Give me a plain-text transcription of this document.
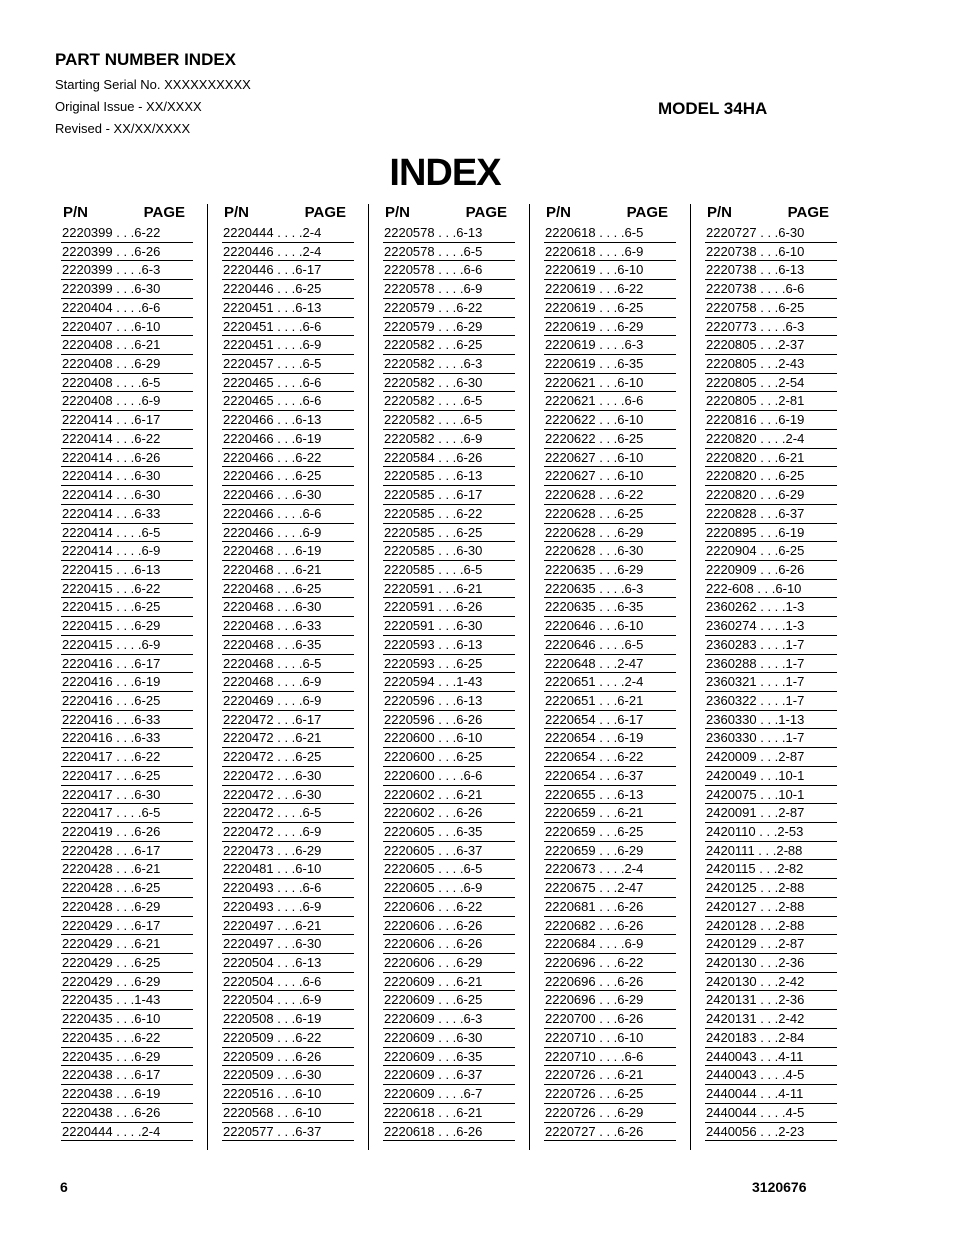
PART NUMBER INDEX
Starting Serial No. XXXXXXXXXX
Original Issue - XX/XXXX
Revised - XX/XX/XXXX
MODEL 34HA
INDEX
P/N	PAGE
2220399 . . .6-22
2220399 . . .6-26
2220399 . . . .6-3
2220399 . . .6-30
2220404 . . . .6-6
2220407 . . .6-10
2220408 . . .6-21
2220408 . . .6-29
2220408 . . . .6-5
2220408 . . . .6-9
2220414 . . .6-17
2220414 . . .6-22
2220414 . . .6-26
2220414 . . .6-30
2220414 . . .6-30
2220414 . . .6-33
2220414 . . . .6-5
2220414 . . . .6-9
2220415 . . .6-13
2220415 . . .6-22
2220415 . . .6-25
2220415 . . .6-29
2220415 . . . .6-9
2220416 . . .6-17
2220416 . . .6-19
2220416 . . .6-25
2220416 . . .6-33
2220416 . . .6-33
2220417 . . .6-22
2220417 . . .6-25
2220417 . . .6-30
2220417 . . . .6-5
2220419 . . .6-26
2220428 . . .6-17
2220428 . . .6-21
2220428 . . .6-25
2220428 . . .6-29
2220429 . . .6-17
2220429 . . .6-21
2220429 . . .6-25
2220429 . . .6-29
2220435 . . .1-43
2220435 . . .6-10
2220435 . . .6-22
2220435 . . .6-29
2220438 . . .6-17
2220438 . . .6-19
2220438 . . .6-26
2220444 . . . .2-4
P/N	PAGE
2220444 . . . .2-4
2220446 . . . .2-4
2220446 . . .6-17
2220446 . . .6-25
2220451 . . .6-13
2220451 . . . .6-6
2220451 . . . .6-9
2220457 . . . .6-5
2220465 . . . .6-6
2220465 . . . .6-6
2220466 . . .6-13
2220466 . . .6-19
2220466 . . .6-22
2220466 . . .6-25
2220466 . . .6-30
2220466 . . . .6-6
2220466 . . . .6-9
2220468 . . .6-19
2220468 . . .6-21
2220468 . . .6-25
2220468 . . .6-30
2220468 . . .6-33
2220468 . . .6-35
2220468 . . . .6-5
2220468 . . . .6-9
2220469 . . . .6-9
2220472 . . .6-17
2220472 . . .6-21
2220472 . . .6-25
2220472 . . .6-30
2220472 . . .6-30
2220472 . . . .6-5
2220472 . . . .6-9
2220473 . . .6-29
2220481 . . .6-10
2220493 . . . .6-6
2220493 . . . .6-9
2220497 . . .6-21
2220497 . . .6-30
2220504 . . .6-13
2220504 . . . .6-6
2220504 . . . .6-9
2220508 . . .6-19
2220509 . . .6-22
2220509 . . .6-26
2220509 . . .6-30
2220516 . . .6-10
2220568 . . .6-10
2220577 . . .6-37
P/N	PAGE
2220578 . . .6-13
2220578 . . . .6-5
2220578 . . . .6-6
2220578 . . . .6-9
2220579 . . .6-22
2220579 . . .6-29
2220582 . . .6-25
2220582 . . . .6-3
2220582 . . .6-30
2220582 . . . .6-5
2220582 . . . .6-5
2220582 . . . .6-9
2220584 . . .6-26
2220585 . . .6-13
2220585 . . .6-17
2220585 . . .6-22
2220585 . . .6-25
2220585 . . .6-30
2220585 . . . .6-5
2220591 . . .6-21
2220591 . . .6-26
2220591 . . .6-30
2220593 . . .6-13
2220593 . . .6-25
2220594 . . .1-43
2220596 . . .6-13
2220596 . . .6-26
2220600 . . .6-10
2220600 . . .6-25
2220600 . . . .6-6
2220602 . . .6-21
2220602 . . .6-26
2220605 . . .6-35
2220605 . . .6-37
2220605 . . . .6-5
2220605 . . . .6-9
2220606 . . .6-22
2220606 . . .6-26
2220606 . . .6-26
2220606 . . .6-29
2220609 . . .6-21
2220609 . . .6-25
2220609 . . . .6-3
2220609 . . .6-30
2220609 . . .6-35
2220609 . . .6-37
2220609 . . . .6-7
2220618 . . .6-21
2220618 . . .6-26
P/N	PAGE
2220618 . . . .6-5
2220618 . . . .6-9
2220619 . . .6-10
2220619 . . .6-22
2220619 . . .6-25
2220619 . . .6-29
2220619 . . . .6-3
2220619 . . .6-35
2220621 . . .6-10
2220621 . . . .6-6
2220622 . . .6-10
2220622 . . .6-25
2220627 . . .6-10
2220627 . . .6-10
2220628 . . .6-22
2220628 . . .6-25
2220628 . . .6-29
2220628 . . .6-30
2220635 . . .6-29
2220635 . . . .6-3
2220635 . . .6-35
2220646 . . .6-10
2220646 . . . .6-5
2220648 . . .2-47
2220651 . . . .2-4
2220651 . . .6-21
2220654 . . .6-17
2220654 . . .6-19
2220654 . . .6-22
2220654 . . .6-37
2220655 . . .6-13
2220659 . . .6-21
2220659 . . .6-25
2220659 . . .6-29
2220673 . . . .2-4
2220675 . . .2-47
2220681 . . .6-26
2220682 . . .6-26
2220684 . . . .6-9
2220696 . . .6-22
2220696 . . .6-26
2220696 . . .6-29
2220700 . . .6-26
2220710 . . .6-10
2220710 . . . .6-6
2220726 . . .6-21
2220726 . . .6-25
2220726 . . .6-29
2220727 . . .6-26
P/N	PAGE
2220727 . . .6-30
2220738 . . .6-10
2220738 . . .6-13
2220738 . . . .6-6
2220758 . . .6-25
2220773 . . . .6-3
2220805 . . .2-37
2220805 . . .2-43
2220805 . . .2-54
2220805 . . .2-81
2220816 . . .6-19
2220820 . . . .2-4
2220820 . . .6-21
2220820 . . .6-25
2220820 . . .6-29
2220828 . . .6-37
2220895 . . .6-19
2220904 . . .6-25
2220909 . . .6-26
222-608 . . .6-10
2360262 . . . .1-3
2360274 . . . .1-3
2360283 . . . .1-7
2360288 . . . .1-7
2360321 . . . .1-7
2360322 . . . .1-7
2360330 . . .1-13
2360330 . . . .1-7
2420009 . . .2-87
2420049 . . .10-1
2420075 . . .10-1
2420091 . . .2-87
2420110 . . .2-53
2420111 . . .2-88
2420115 . . .2-82
2420125 . . .2-88
2420127 . . .2-88
2420128 . . .2-88
2420129 . . .2-87
2420130 . . .2-36
2420130 . . .2-42
2420131 . . .2-36
2420131 . . .2-42
2420183 . . .2-84
2440043 . . .4-11
2440043 . . . .4-5
2440044 . . .4-11
2440044 . . . .4-5
2440056 . . .2-23
6	3120676
